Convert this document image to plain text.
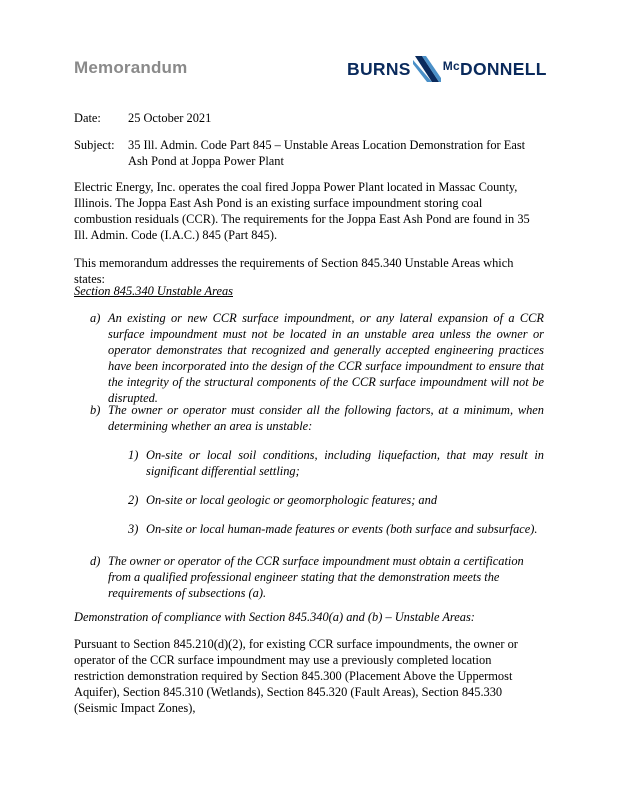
Memorandum	BURNS	$^{Mc}$DONNELL
Date:	25 October 2021
Subject:	35 Ill. Admin. Code Part 845 – Unstable Areas Location Demonstration for East Ash Pond at Joppa Power Plant
Electric Energy, Inc. operates the coal fired Joppa Power Plant located in Massac County, Illinois. The Joppa East Ash Pond is an existing surface impoundment storing coal combustion residuals (CCR). The requirements for the Joppa East Ash Pond are found in 35 Ill. Admin. Code (I.A.C.) 845 (Part 845).
This memorandum addresses the requirements of Section 845.340 Unstable Areas which states:
Section 845.340 Unstable Areas
a) An existing or new CCR surface impoundment, or any lateral expansion of a CCR surface impoundment must not be located in an unstable area unless the owner or operator demonstrates that recognized and generally accepted engineering practices have been incorporated into the design of the CCR surface impoundment to ensure that the integrity of the structural components of the CCR surface impoundment will not be disrupted.
b) The owner or operator must consider all the following factors, at a minimum, when determining whether an area is unstable:
1) On-site or local soil conditions, including liquefaction, that may result in significant differential settling;
2) On-site or local geologic or geomorphologic features; and
3) On-site or local human-made features or events (both surface and subsurface).
d) The owner or operator of the CCR surface impoundment must obtain a certification from a qualified professional engineer stating that the demonstration meets the requirements of subsections (a).
Demonstration of compliance with Section 845.340(a) and (b) – Unstable Areas:
Pursuant to Section 845.210(d)(2), for existing CCR surface impoundments, the owner or operator of the CCR surface impoundment may use a previously completed location restriction demonstration required by Section 845.300 (Placement Above the Uppermost Aquifer), Section 845.310 (Wetlands), Section 845.320 (Fault Areas), Section 845.330 (Seismic Impact Zones),
